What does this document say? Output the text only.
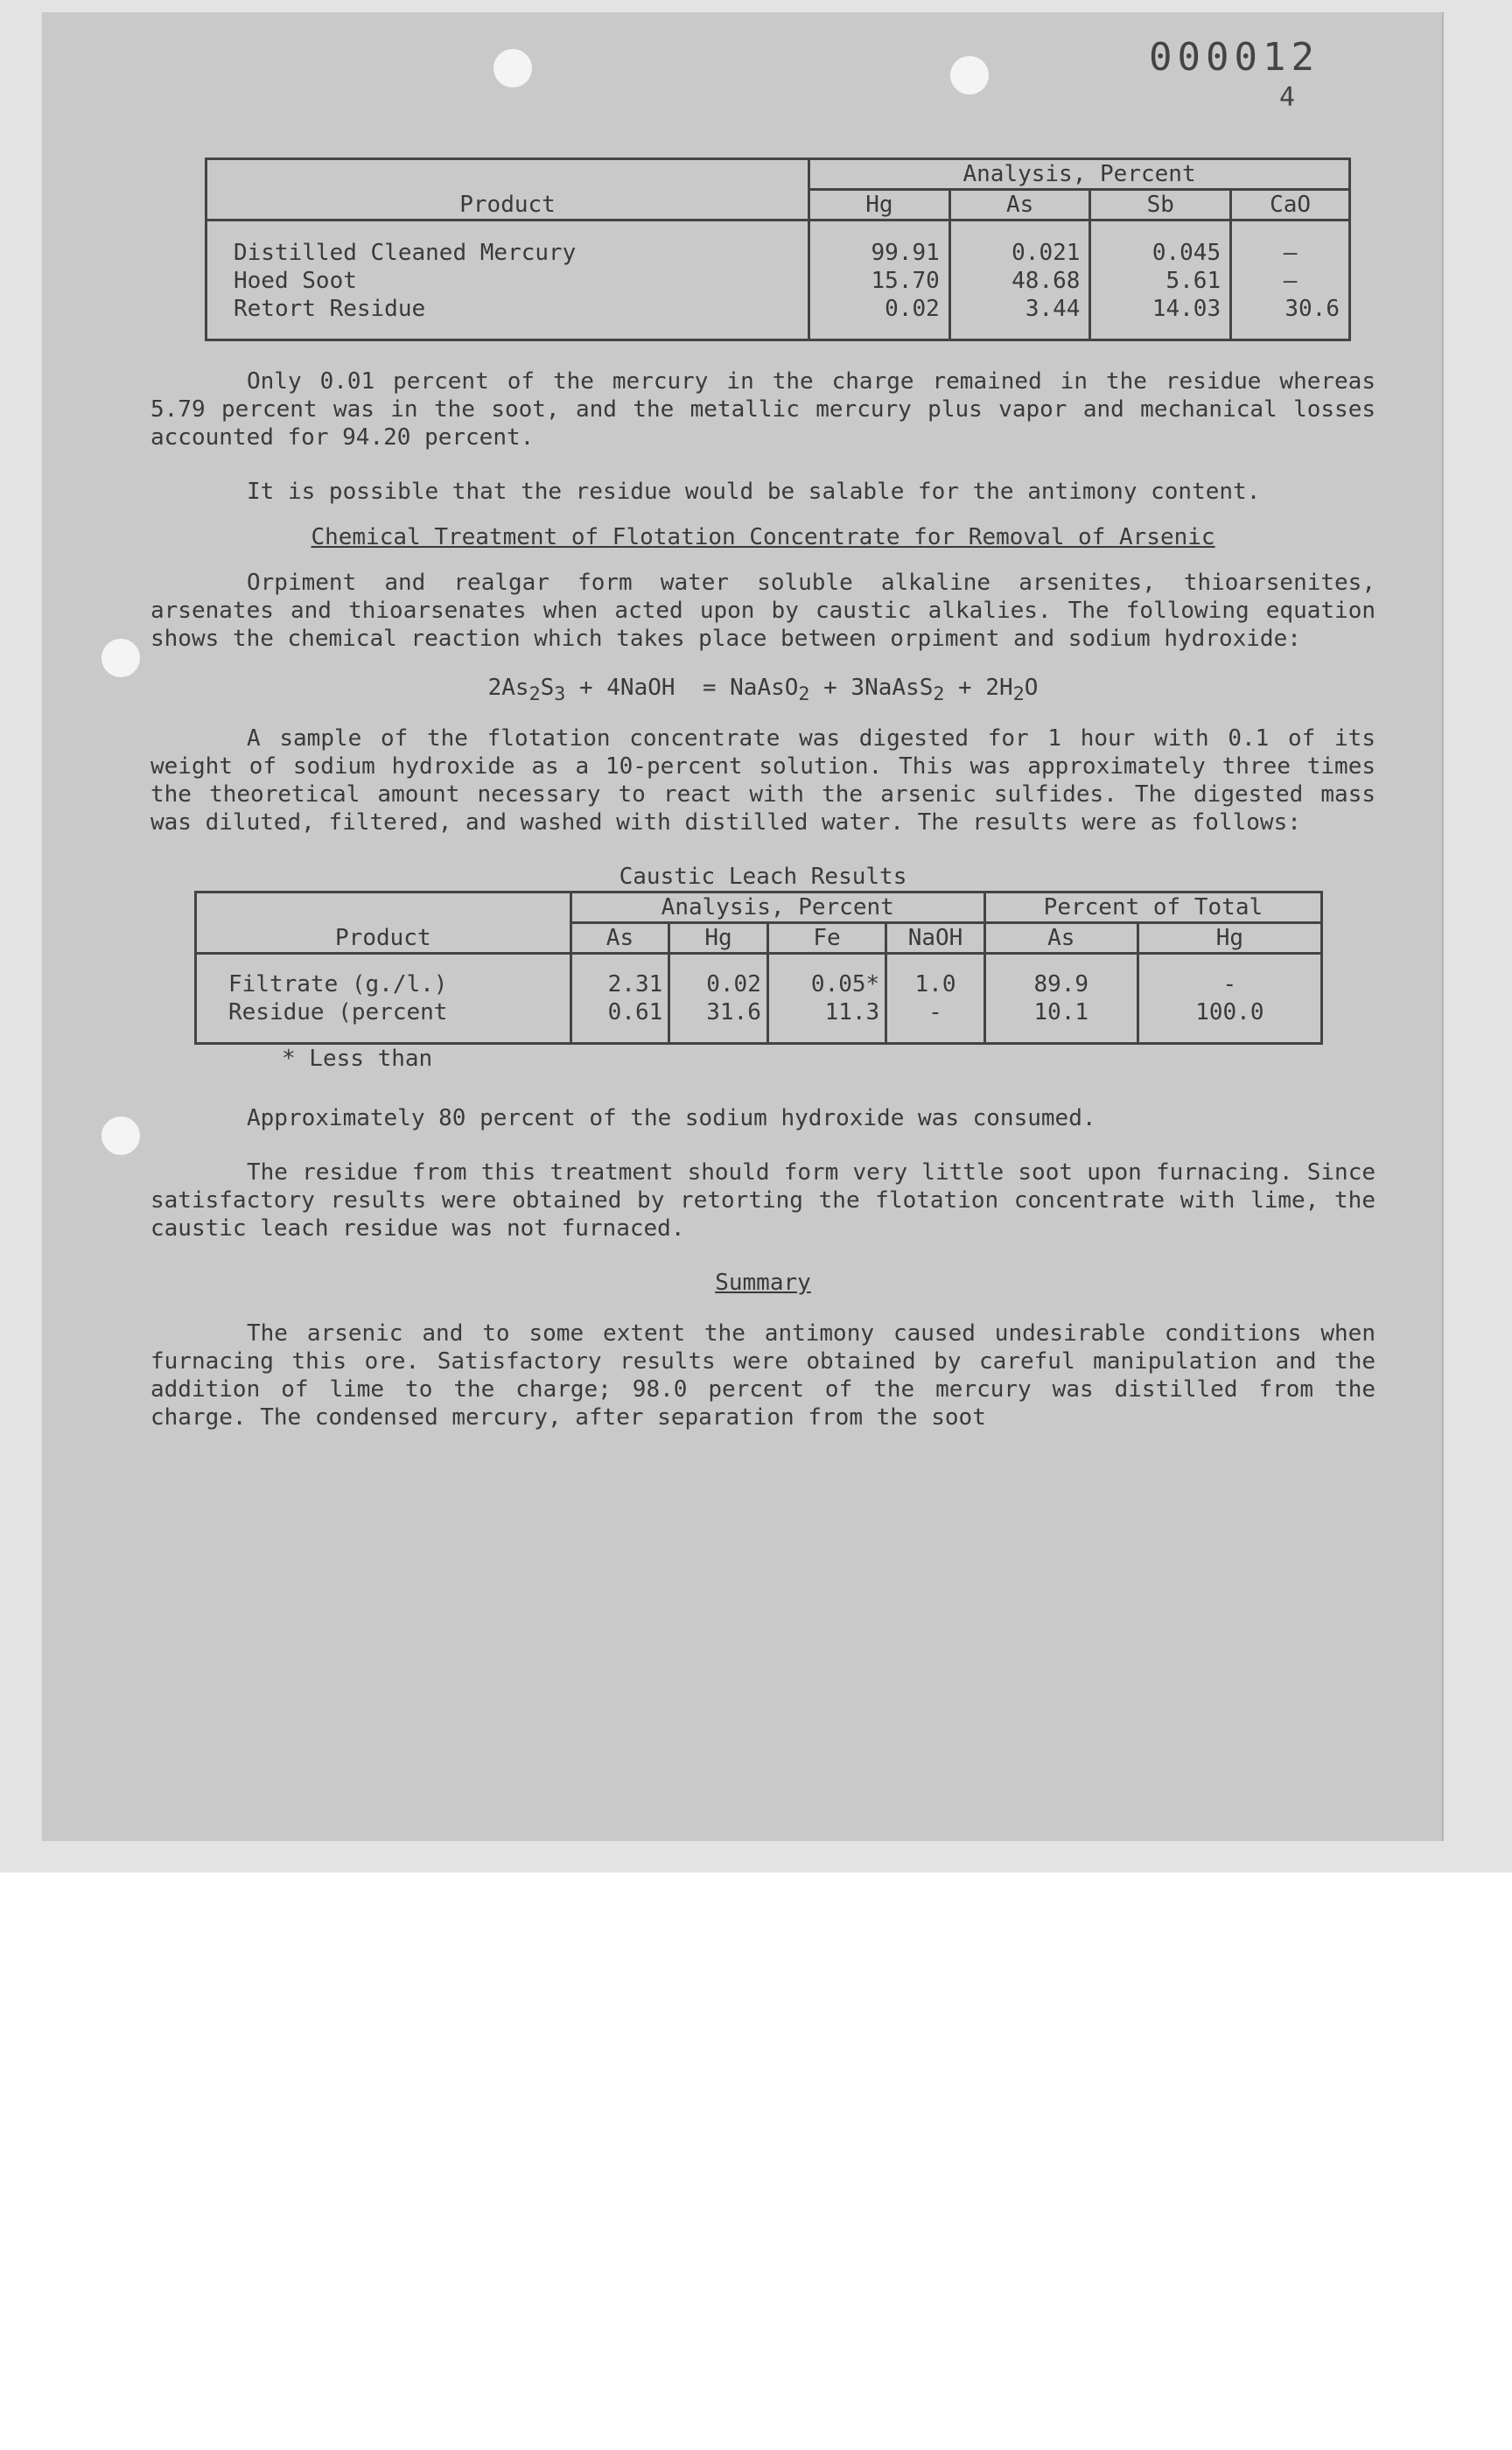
000012
4
Product	Analysis, Percent			
	Hg	As	Sb	CaO
Distilled Cleaned Mercury	99.91	0.021	0.045	—
Hoed Soot	15.70	48.68	5.61	—
Retort Residue	0.02	3.44	14.03	30.6

Only 0.01 percent of the mercury in the charge remained in the residue whereas 5.79 percent was in the soot, and the metallic mercury plus vapor and mechanical losses accounted for 94.20 percent.

It is possible that the residue would be salable for the antimony content.

Chemical Treatment of Flotation Concentrate for Removal of Arsenic

Orpiment and realgar form water soluble alkaline arsenites, thioarsenites, arsenates and thioarsenates when acted upon by caustic alkalies. The following equation shows the chemical reaction which takes place between orpiment and sodium hydroxide:

$2As_2S_3$ + 4NaOH  = NaAsO$_2$ + 3NaAsS$_2$ + $2H_2O$

A sample of the flotation concentrate was digested for 1 hour with 0.1 of its weight of sodium hydroxide as a 10-percent solution. This was approximately three times the theoretical amount necessary to react with the arsenic sulfides. The digested mass was diluted, filtered, and washed with distilled water. The results were as follows:

Caustic Leach Results

Product	Analysis, Percent				Percent of Total	
	As	Hg	Fe	NaOH	As	Hg
Filtrate (g./l.)	2.31	0.02	0.05*	1.0	89.9	-
Residue (percent	0.61	31.6	11.3	-	10.1	100.0

* Less than

Approximately 80 percent of the sodium hydroxide was consumed.

The residue from this treatment should form very little soot upon furnacing. Since satisfactory results were obtained by retorting the flotation concentrate with lime, the caustic leach residue was not furnaced.

Summary

The arsenic and to some extent the antimony caused undesirable conditions when furnacing this ore. Satisfactory results were obtained by careful manipulation and the addition of lime to the charge; 98.0 percent of the mercury was distilled from the charge. The condensed mercury, after separation from the soot
